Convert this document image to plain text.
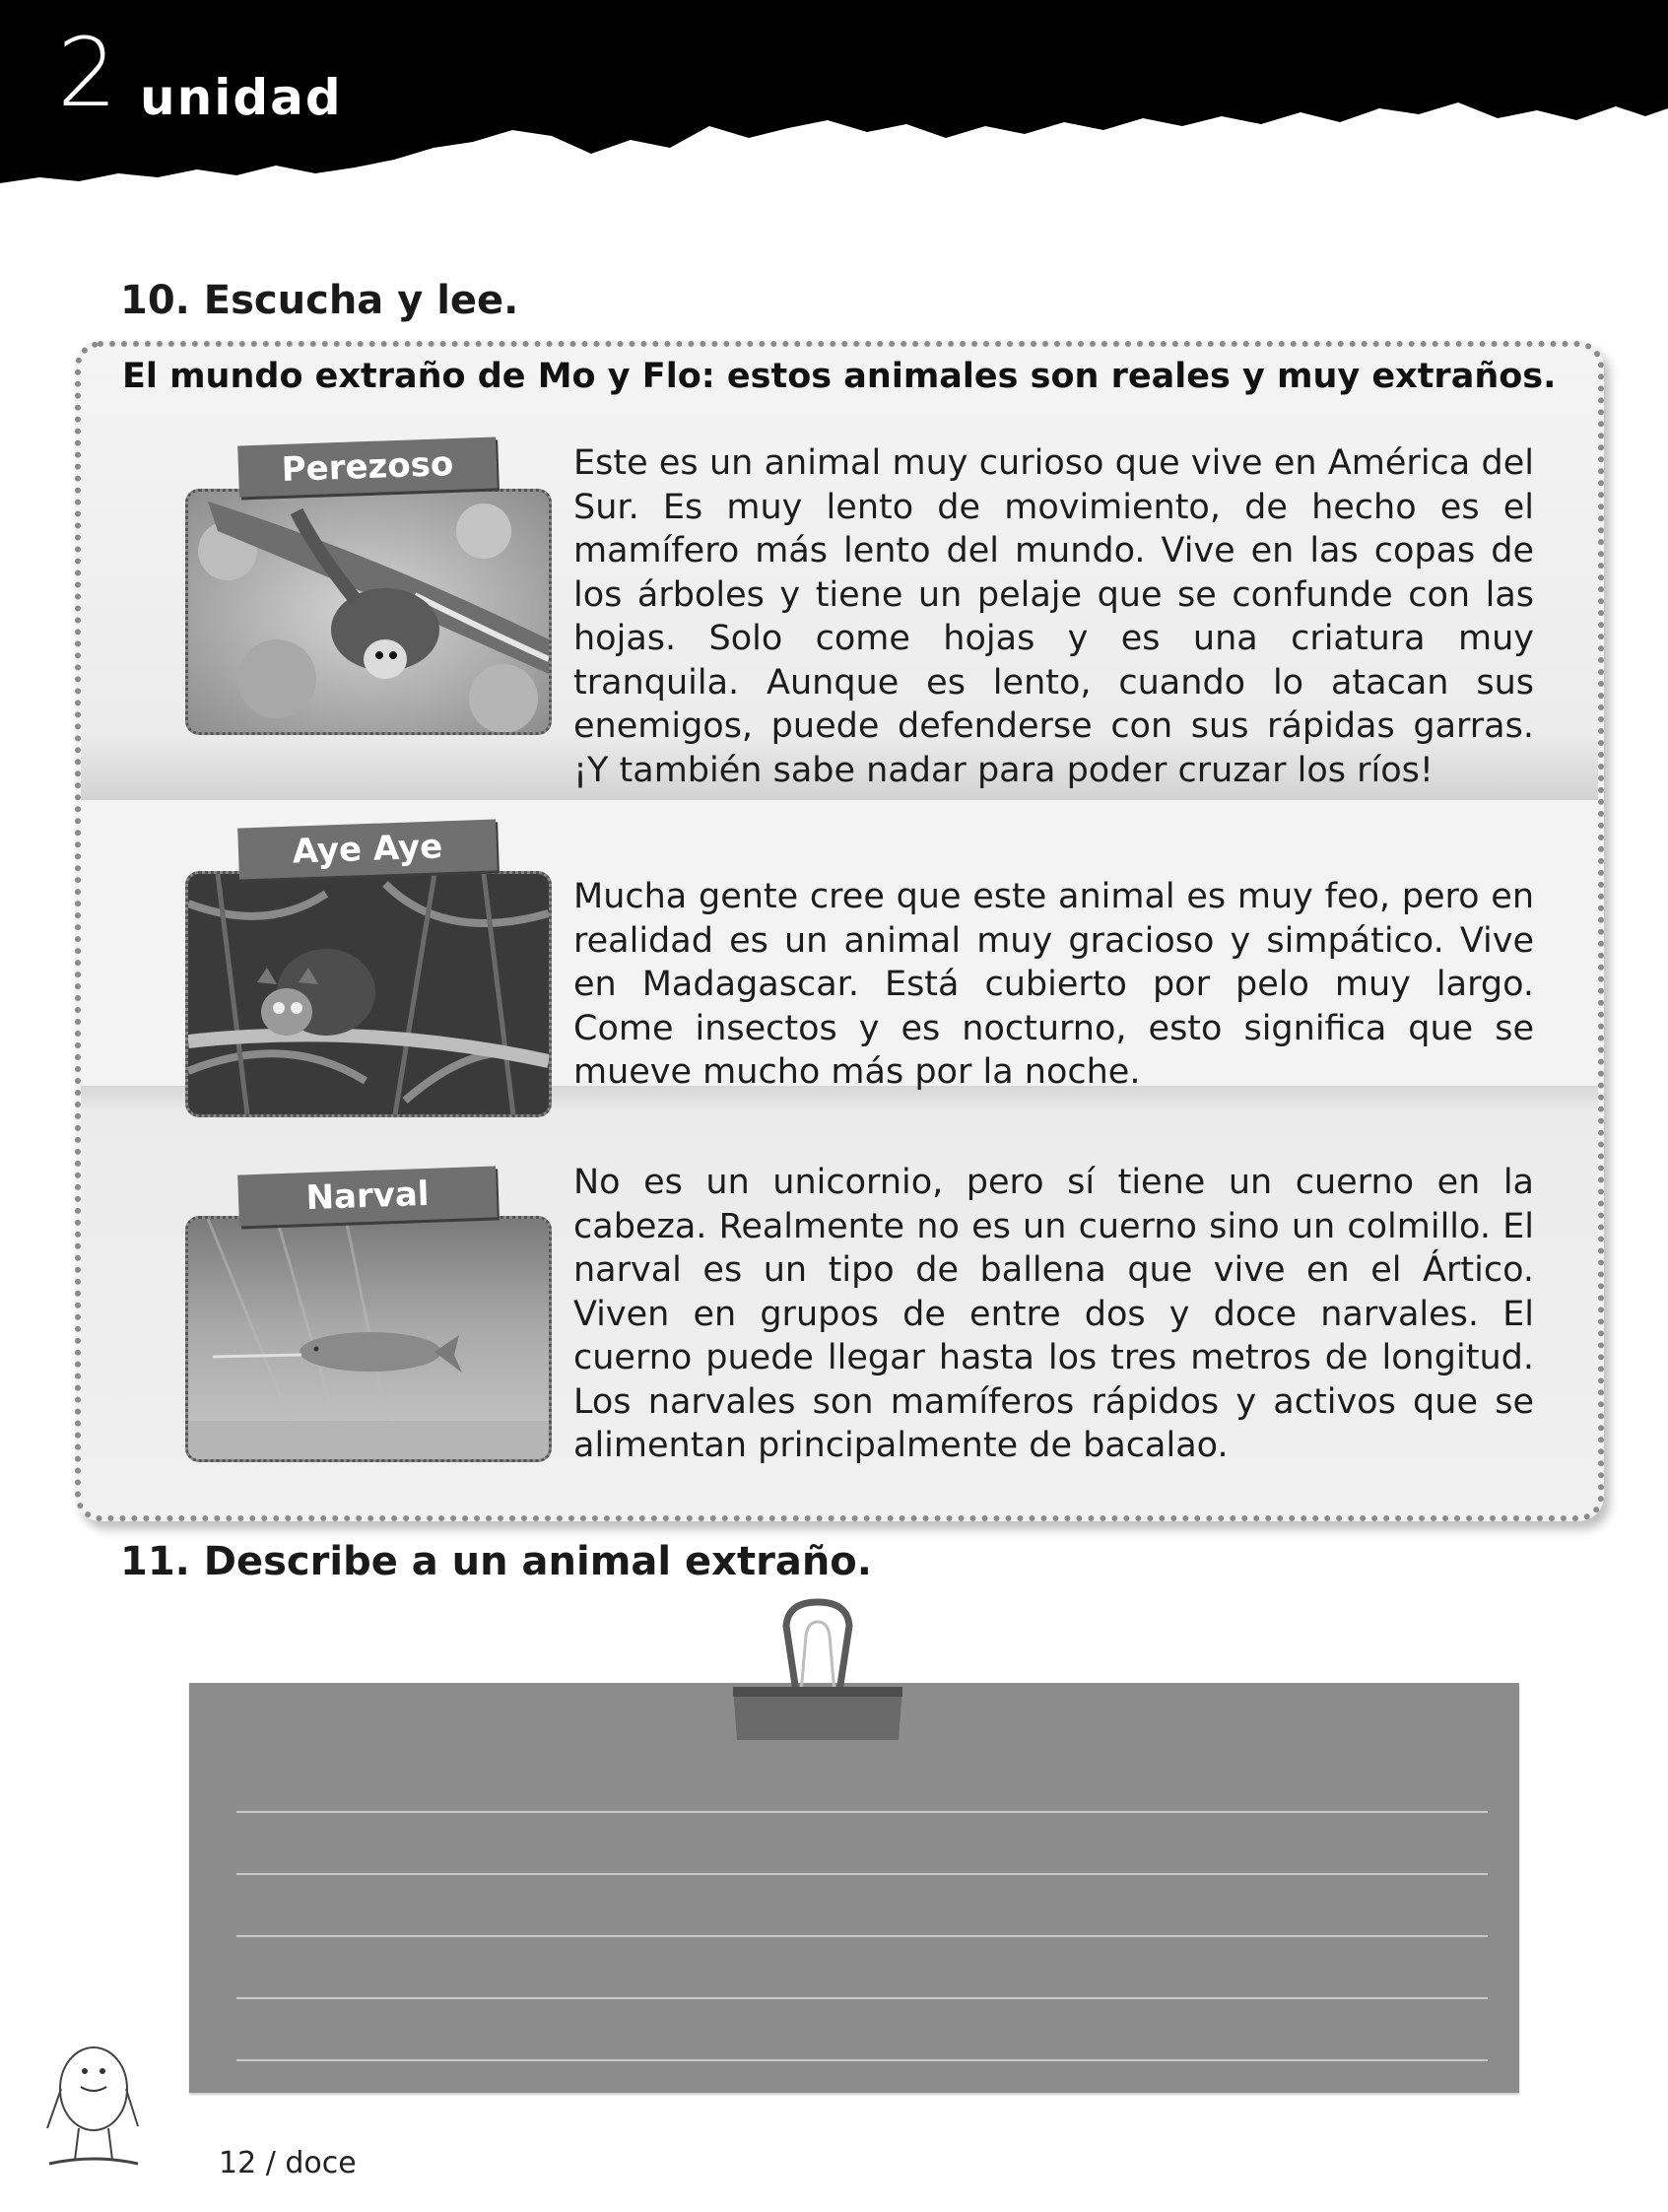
2 unidad
10. Escucha y lee.
El mundo extraño de Mo y Flo: estos animales son reales y muy extraños.
Perezoso	Este es un animal muy curioso que vive en América del Sur. Es muy lento de movimiento, de hecho es el mamífero más lento del mundo. Vive en las copas de los árboles y tiene un pelaje que se confunde con las hojas. Solo come hojas y es una criatura muy tranquila. Aunque es lento, cuando lo atacan sus enemigos, puede defenderse con sus rápidas garras. ¡Y también sabe nadar para poder cruzar los ríos!
Aye Aye
Mucha gente cree que este animal es muy feo, pero en realidad es un animal muy gracioso y simpático. Vive en Madagascar. Está cubierto por pelo muy largo. Come insectos y es nocturno, esto significa que se mueve mucho más por la noche.
Narval	No es un unicornio, pero sí tiene un cuerno en la cabeza. Realmente no es un cuerno sino un colmillo. El narval es un tipo de ballena que vive en el Ártico. Viven en grupos de entre dos y doce narvales. El cuerno puede llegar hasta los tres metros de longitud. Los narvales son mamíferos rápidos y activos que se alimentan principalmente de bacalao.
11. Describe a un animal extraño.
12 / doce
